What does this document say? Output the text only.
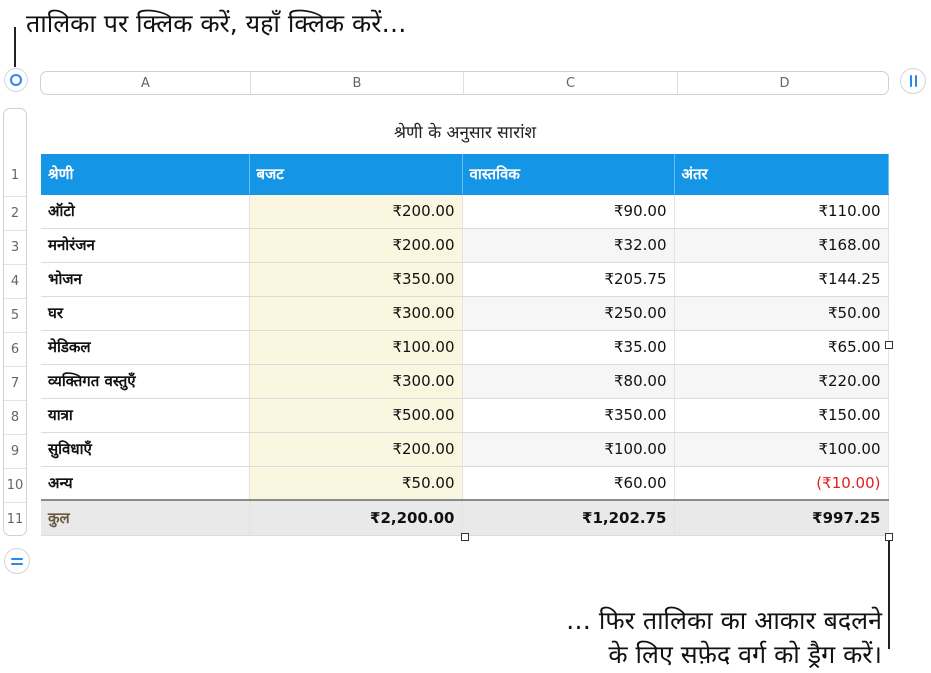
तालिका पर क्लिक करें, यहाँ क्लिक करें…
… फिर तालिका का आकार बदलने
के लिए सफ़ेद वर्ग को ड्रैग करें।
A	B	C	D
1
2
3
4
5
6
7
8
9
10
11
श्रेणी के अनुसार सारांश
श्रेणी	बजट	वास्तविक	अंतर
ऑटो	₹200.00	₹90.00	₹110.00
मनोरंजन	₹200.00	₹32.00	₹168.00
भोजन	₹350.00	₹205.75	₹144.25
घर	₹300.00	₹250.00	₹50.00
मेडिकल	₹100.00	₹35.00	₹65.00
व्यक्तिगत वस्तुएँ	₹300.00	₹80.00	₹220.00
यात्रा	₹500.00	₹350.00	₹150.00
सुविधाएँ	₹200.00	₹100.00	₹100.00
अन्य	₹50.00	₹60.00	(₹10.00)
कुल	₹2,200.00	₹1,202.75	₹997.25
